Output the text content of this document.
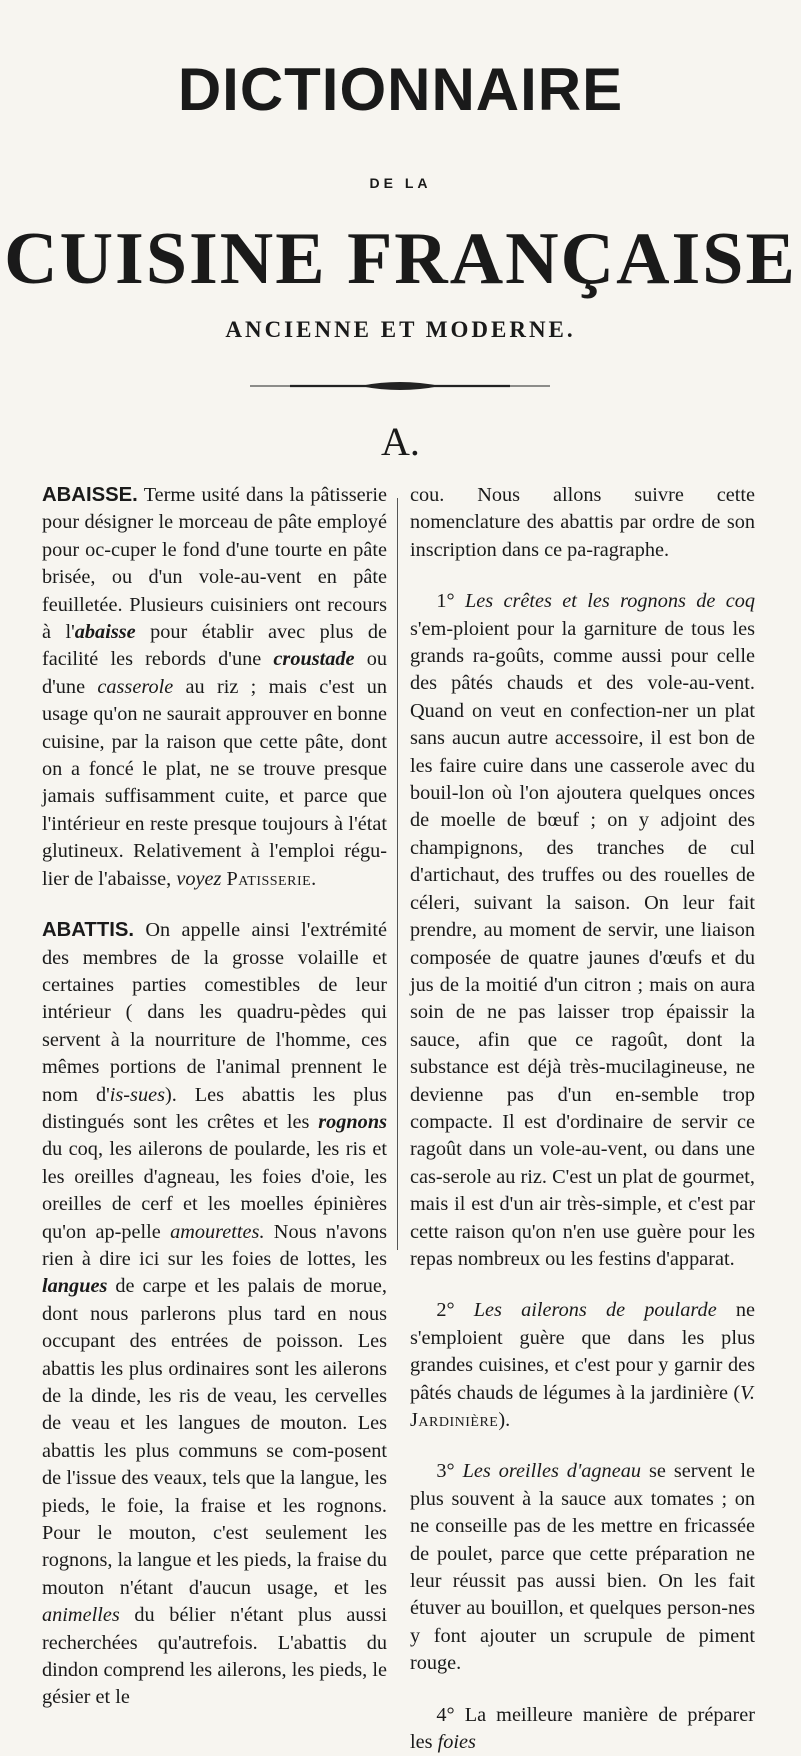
DICTIONNAIRE
DE LA
CUISINE FRANÇAISE
ANCIENNE ET MODERNE.
A.

ABAISSE. Terme usité dans la pâtisserie pour désigner le morceau de pâte employé pour oc-cuper le fond d'une tourte en pâte brisée, ou d'un vole-au-vent en pâte feuilletée. Plusieurs cuisiniers ont recours à l'abaisse pour établir avec plus de facilité les rebords d'une croustade ou d'une casserole au riz ; mais c'est un usage qu'on ne saurait approuver en bonne cuisine, par la raison que cette pâte, dont on a foncé le plat, ne se trouve presque jamais suffisamment cuite, et parce que l'intérieur en reste presque toujours à l'état glutineux. Relativement à l'emploi régu-lier de l'abaisse, voyez Patisserie.

ABATTIS. On appelle ainsi l'extrémité des membres de la grosse volaille et certaines parties comestibles de leur intérieur ( dans les quadru-pèdes qui servent à la nourriture de l'homme, ces mêmes portions de l'animal prennent le nom d'is-sues). Les abattis les plus distingués sont les crêtes et les rognons du coq, les ailerons de poularde, les ris et les oreilles d'agneau, les foies d'oie, les oreilles de cerf et les moelles épinières qu'on ap-pelle amourettes. Nous n'avons rien à dire ici sur les foies de lottes, les langues de carpe et les palais de morue, dont nous parlerons plus tard en nous occupant des entrées de poisson. Les abattis les plus ordinaires sont les ailerons de la dinde, les ris de veau, les cervelles de veau et les langues de mouton. Les abattis les plus communs se com-posent de l'issue des veaux, tels que la langue, les pieds, le foie, la fraise et les rognons. Pour le mouton, c'est seulement les rognons, la langue et les pieds, la fraise du mouton n'étant d'aucun usage, et les animelles du bélier n'étant plus aussi recherchées qu'autrefois. L'abattis du dindon comprend les ailerons, les pieds, le gésier et le

cou. Nous allons suivre cette nomenclature des abattis par ordre de son inscription dans ce pa-ragraphe.

1° Les crêtes et les rognons de coq s'em-ploient pour la garniture de tous les grands ra-goûts, comme aussi pour celle des pâtés chauds et des vole-au-vent. Quand on veut en confection-ner un plat sans aucun autre accessoire, il est bon de les faire cuire dans une casserole avec du bouil-lon où l'on ajoutera quelques onces de moelle de bœuf ; on y adjoint des champignons, des tranches de cul d'artichaut, des truffes ou des rouelles de céleri, suivant la saison. On leur fait prendre, au moment de servir, une liaison composée de quatre jaunes d'œufs et du jus de la moitié d'un citron ; mais on aura soin de ne pas laisser trop épaissir la sauce, afin que ce ragoût, dont la substance est déjà très-mucilagineuse, ne devienne pas d'un en-semble trop compacte. Il est d'ordinaire de servir ce ragoût dans un vole-au-vent, ou dans une cas-serole au riz. C'est un plat de gourmet, mais il est d'un air très-simple, et c'est par cette raison qu'on n'en use guère pour les repas nombreux ou les festins d'apparat.

2° Les ailerons de poularde ne s'emploient guère que dans les plus grandes cuisines, et c'est pour y garnir des pâtés chauds de légumes à la jardinière (V. Jardinière).

3° Les oreilles d'agneau se servent le plus souvent à la sauce aux tomates ; on ne conseille pas de les mettre en fricassée de poulet, parce que cette préparation ne leur réussit pas aussi bien. On les fait étuver au bouillon, et quelques person-nes y font ajouter un scrupule de piment rouge.

4° La meilleure manière de préparer les foies
